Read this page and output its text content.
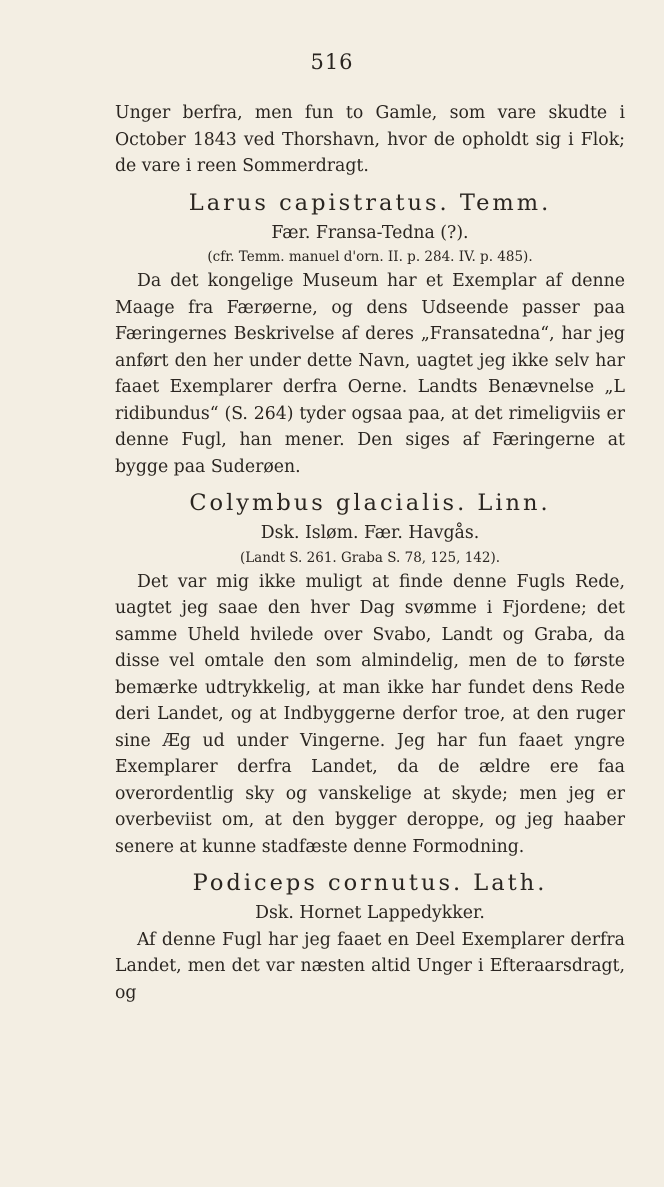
516

Unger berfra, men fun to Gamle, som vare skudte i October 1843 ved Thorshavn, hvor de opholdt sig i Flok; de vare i reen Sommerdragt.

Larus capistratus. Temm.

Fær. Fransa-Tedna (?).

(cfr. Temm. manuel d'orn. II. p. 284. IV. p. 485).

Da det kongelige Museum har et Exemplar af denne Maage fra Færøerne, og dens Udseende passer paa Færingernes Beskrivelse af deres „Fransatedna“, har jeg anført den her under dette Navn, uagtet jeg ikke selv har faaet Exemplarer derfra Oerne. Landts Benævnelse „L ridibundus“ (S. 264) tyder ogsaa paa, at det rimeligviis er denne Fugl, han mener. Den siges af Færingerne at bygge paa Suderøen.

Colymbus glacialis. Linn.

Dsk. Isløm. Fær. Havgås.

(Landt S. 261. Graba S. 78, 125, 142).

Det var mig ikke muligt at finde denne Fugls Rede, uagtet jeg saae den hver Dag svømme i Fjordene; det samme Uheld hvilede over Svabo, Landt og Graba, da disse vel omtale den som almindelig, men de to første bemærke udtrykkelig, at man ikke har fundet dens Rede deri Landet, og at Indbyggerne derfor troe, at den ruger sine Æg ud under Vingerne. Jeg har fun faaet yngre Exemplarer derfra Landet, da de ældre ere faa overordentlig sky og vanskelige at skyde; men jeg er overbeviist om, at den bygger deroppe, og jeg haaber senere at kunne stadfæste denne Formodning.

Podiceps cornutus. Lath.

Dsk. Hornet Lappedykker.

Af denne Fugl har jeg faaet en Deel Exemplarer derfra Landet, men det var næsten altid Unger i Efteraarsdragt, og
